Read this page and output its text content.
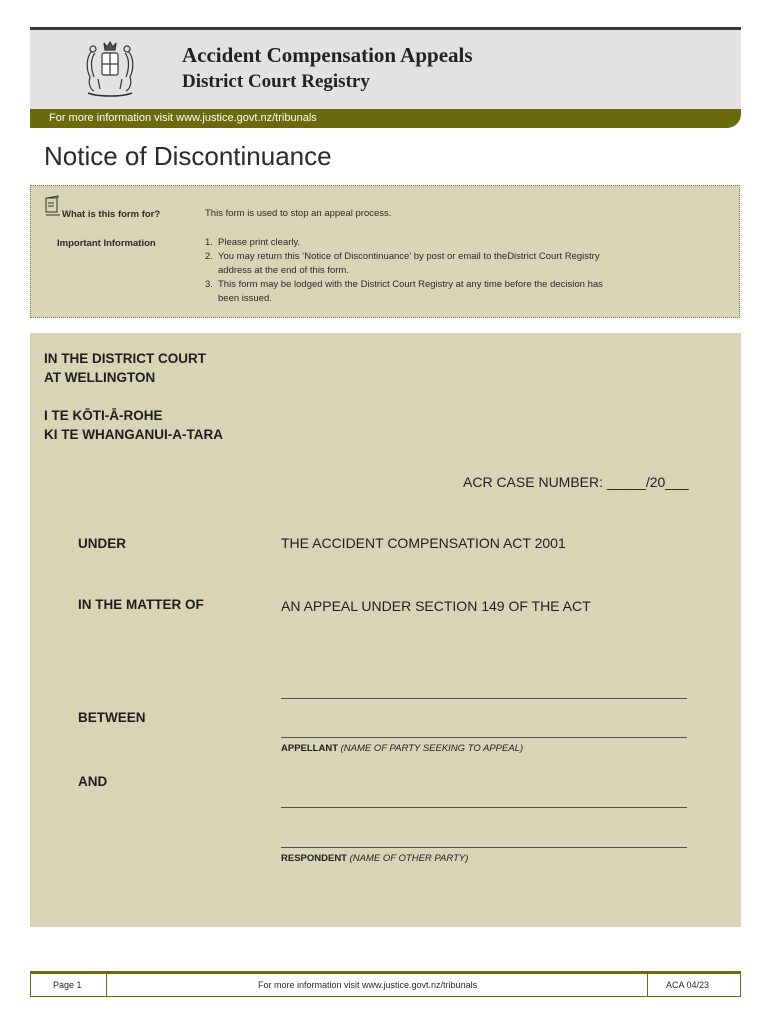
Accident Compensation Appeals
District Court Registry
For more information visit www.justice.govt.nz/tribunals
Notice of Discontinuance
What is this form for?	This form is used to stop an appeal process.
Important Information	1. Please print clearly.
2. You may return this ‘Notice of Discontinuance’ by post or email to theDistrict Court Registry
address at the end of this form.
3. This form may be lodged with the District Court Registry at any time before the decision has
been issued.
IN THE DISTRICT COURT
AT WELLINGTON
I TE KŌTI-Ā-ROHE
KI TE WHANGANUI-A-TARA
ACR CASE NUMBER: _____/20___
UNDER	THE ACCIDENT COMPENSATION ACT 2001
IN THE MATTER OF	AN APPEAL UNDER SECTION 149 OF THE ACT
BETWEEN
APPELLANT (NAME OF PARTY SEEKING TO APPEAL)
AND
RESPONDENT (NAME OF OTHER PARTY)
Page 1	For more information visit www.justice.govt.nz/tribunals	ACA 04/23
